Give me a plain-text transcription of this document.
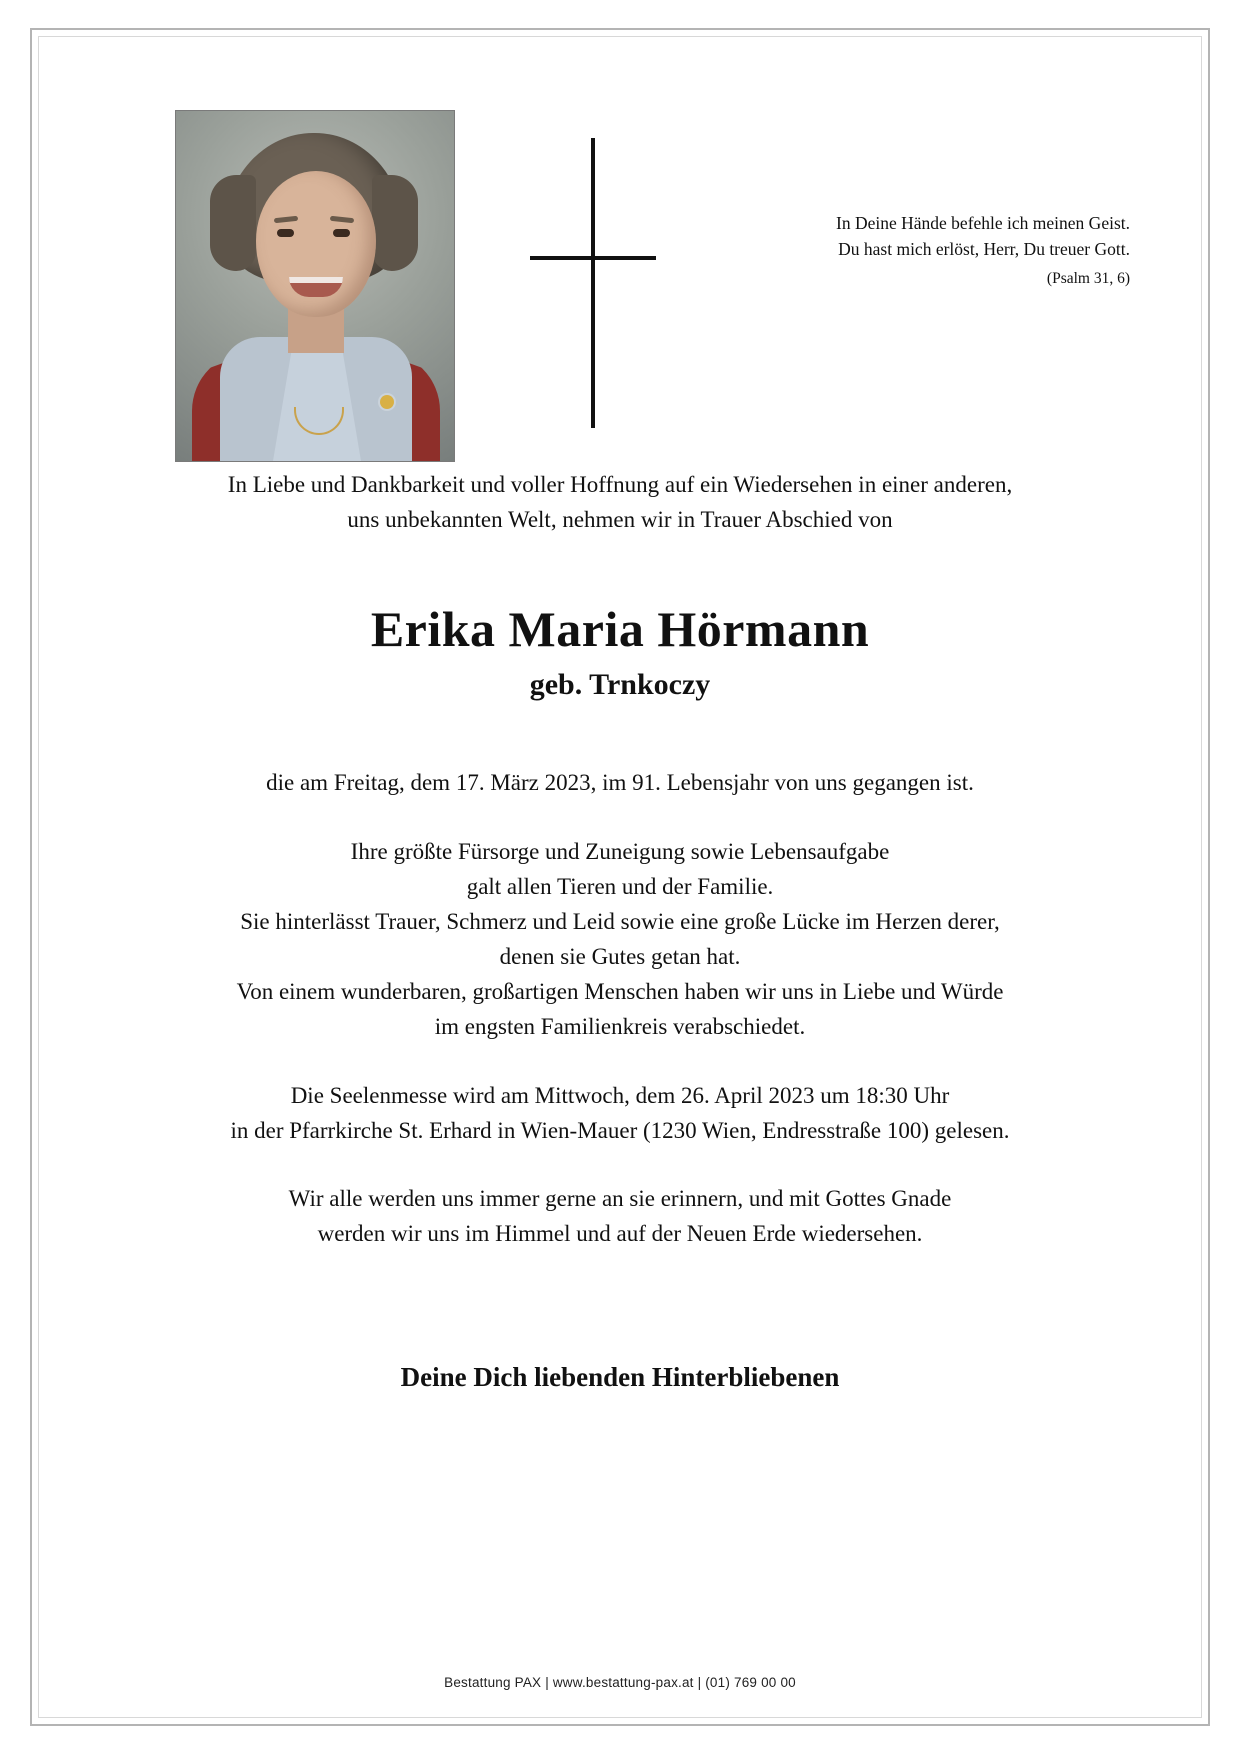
In Deine Hände befehle ich meinen Geist.
Du hast mich erlöst, Herr, Du treuer Gott.
(Psalm 31, 6)
In Liebe und Dankbarkeit und voller Hoffnung auf ein Wiedersehen in einer anderen,
uns unbekannten Welt, nehmen wir in Trauer Abschied von
Erika Maria Hörmann
geb. Trnkoczy

die am Freitag, dem 17. März 2023, im 91. Lebensjahr von uns gegangen ist.

Ihre größte Fürsorge und Zuneigung sowie Lebensaufgabe

galt allen Tieren und der Familie.

Sie hinterlässt Trauer, Schmerz und Leid sowie eine große Lücke im Herzen derer,

denen sie Gutes getan hat.

Von einem wunderbaren, großartigen Menschen haben wir uns in Liebe und Würde

im engsten Familienkreis verabschiedet.

Die Seelenmesse wird am Mittwoch, dem 26. April 2023 um 18:30 Uhr

in der Pfarrkirche St. Erhard in Wien-Mauer (1230 Wien, Endresstraße 100) gelesen.

Wir alle werden uns immer gerne an sie erinnern, und mit Gottes Gnade

werden wir uns im Himmel und auf der Neuen Erde wiedersehen.

Deine Dich liebenden Hinterbliebenen
Bestattung PAX | www.bestattung-pax.at | (01) 769 00 00
